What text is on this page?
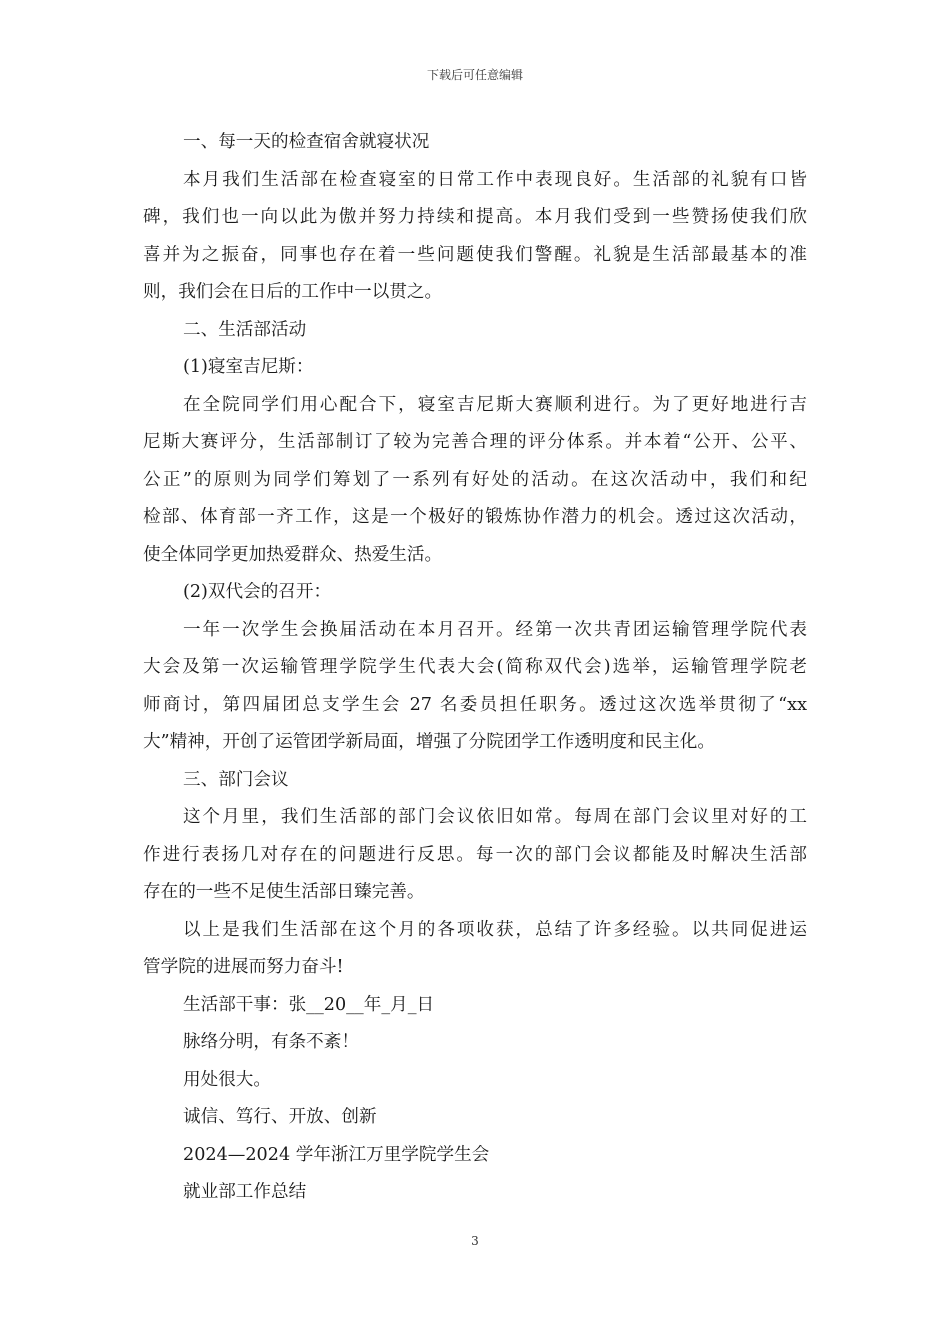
下载后可任意编辑
一、每一天的检查宿舍就寝状况
本月我们生活部在检查寝室的日常工作中表现良好。生活部的礼貌有口皆
碑，我们也一向以此为傲并努力持续和提高。本月我们受到一些赞扬使我们欣
喜并为之振奋，同事也存在着一些问题使我们警醒。礼貌是生活部最基本的准
则，我们会在日后的工作中一以贯之。
二、生活部活动
(1)寝室吉尼斯：
在全院同学们用心配合下，寝室吉尼斯大赛顺利进行。为了更好地进行吉
尼斯大赛评分，生活部制订了较为完善合理的评分体系。并本着“公开、公平、
公正”的原则为同学们筹划了一系列有好处的活动。在这次活动中，我们和纪
检部、体育部一齐工作，这是一个极好的锻炼协作潜力的机会。透过这次活动，
使全体同学更加热爱群众、热爱生活。
(2)双代会的召开：
一年一次学生会换届活动在本月召开。经第一次共青团运输管理学院代表
大会及第一次运输管理学院学生代表大会(简称双代会)选举，运输管理学院老
师商讨，第四届团总支学生会 27 名委员担任职务。透过这次选举贯彻了“xx
大”精神，开创了运管团学新局面，增强了分院团学工作透明度和民主化。
三、部门会议
这个月里，我们生活部的部门会议依旧如常。每周在部门会议里对好的工
作进行表扬几对存在的问题进行反思。每一次的部门会议都能及时解决生活部
存在的一些不足使生活部日臻完善。
以上是我们生活部在这个月的各项收获，总结了许多经验。以共同促进运
管学院的进展而努力奋斗!
生活部干事：张__20__年_月_日
脉络分明，有条不紊！
用处很大。
诚信、笃行、开放、创新
2024—2024 学年浙江万里学院学生会
就业部工作总结
3
